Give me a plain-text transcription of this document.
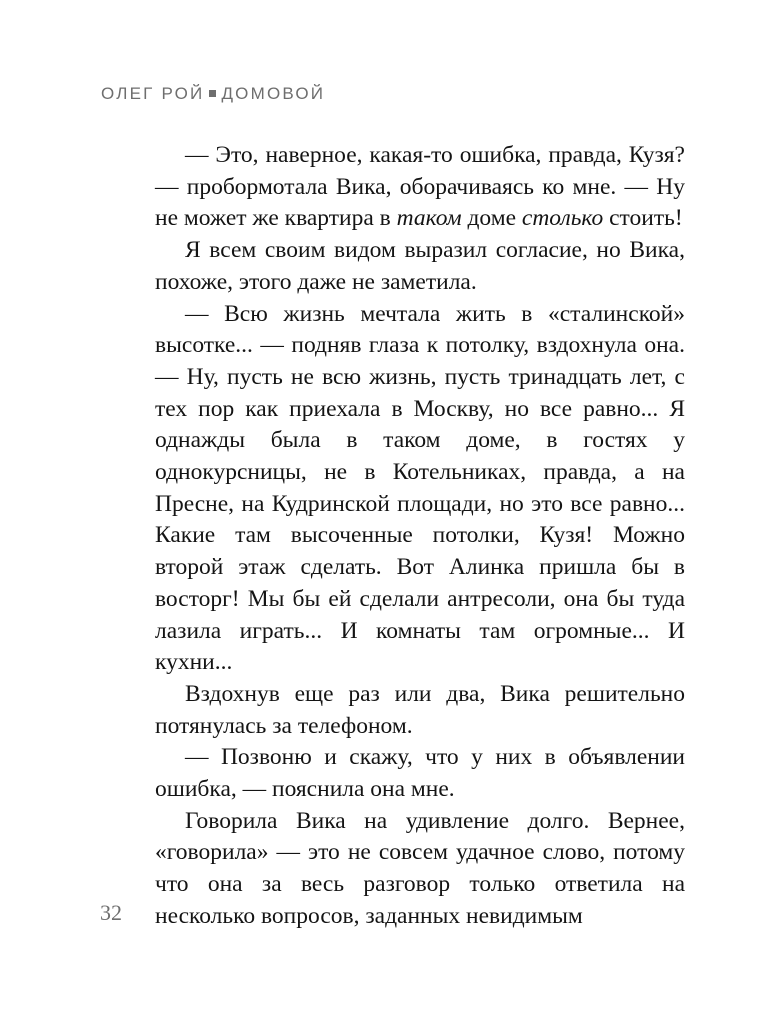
ОЛЕГ РОЙ ДОМОВОЙ

— Это, наверное, какая-то ошибка, правда, Кузя? — пробормотала Вика, оборачиваясь ко мне. — Ну не может же квартира в таком доме столько стоить!

Я всем своим видом выразил согласие, но Вика, похоже, этого даже не заметила.

— Всю жизнь мечтала жить в «сталинской» высотке... — подняв глаза к потолку, вздохнула она. — Ну, пусть не всю жизнь, пусть тринадцать лет, с тех пор как приехала в Москву, но все равно... Я однажды была в таком доме, в гостях у однокурсницы, не в Котельниках, правда, а на Пресне, на Кудринской площади, но это все равно... Какие там высоченные потолки, Кузя! Можно второй этаж сделать. Вот Алинка пришла бы в восторг! Мы бы ей сделали антресоли, она бы туда лазила играть... И комнаты там огромные... И кухни...

Вздохнув еще раз или два, Вика решительно потянулась за телефоном.

— Позвоню и скажу, что у них в объявлении ошибка, — пояснила она мне.

Говорила Вика на удивление долго. Вернее, «говорила» — это не совсем удачное слово, потому что она за весь разговор только ответила на несколько вопросов, заданных невидимым

32
